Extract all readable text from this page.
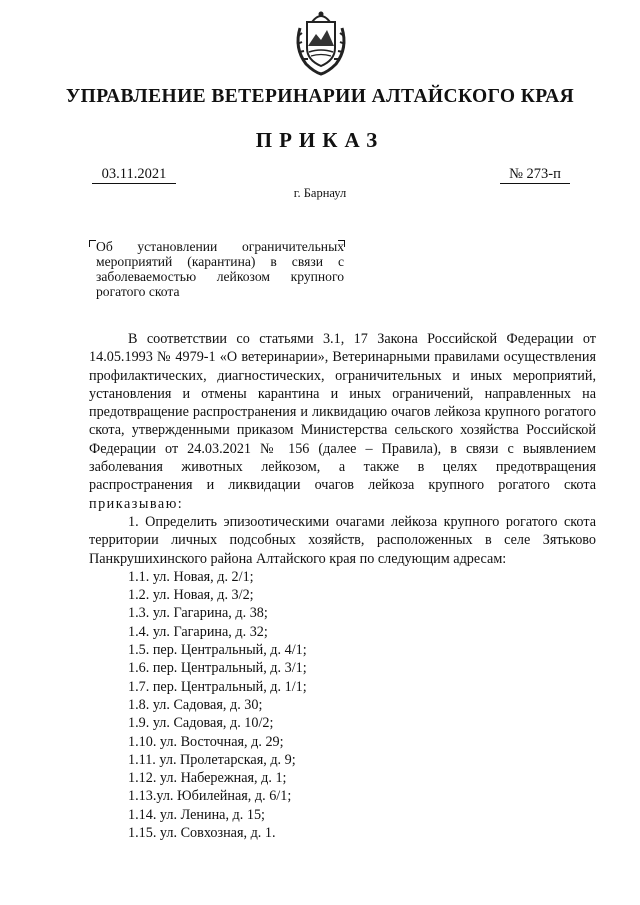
УПРАВЛЕНИЕ ВЕТЕРИНАРИИ АЛТАЙСКОГО КРАЯ
ПРИКАЗ
03.11.2021	№ 273-п
г. Барнаул
Об установлении ограничительных мероприятий (карантина) в связи с заболеваемостью лейкозом крупного рогатого скота

В соответствии со статьями 3.1, 17 Закона Российской Федерации от 14.05.1993 № 4979-1 «О ветеринарии», Ветеринарными правилами осуществления профилактических, диагностических, ограничительных и иных мероприятий, установления и отмены карантина и иных ограничений, направленных на предотвращение распространения и ликвидацию очагов лейкоза крупного рогатого скота, утвержденными приказом Министерства сельского хозяйства Российской Федерации от 24.03.2021 № 156 (далее – Правила), в связи с выявлением заболевания животных лейкозом, а также в целях предотвращения распространения и ликвидации очагов лейкоза крупного рогатого скота приказываю:

1. Определить эпизоотическими очагами лейкоза крупного рогатого скота территории личных подсобных хозяйств, расположенных в селе Зятьково Панкрушихинского района Алтайского края по следующим адресам:

1.1. ул. Новая, д. 2/1;
1.2. ул. Новая, д. 3/2;
1.3. ул. Гагарина, д. 38;
1.4. ул. Гагарина, д. 32;
1.5. пер. Центральный, д. 4/1;
1.6. пер. Центральный, д. 3/1;
1.7. пер. Центральный, д. 1/1;
1.8. ул. Садовая, д. 30;
1.9. ул. Садовая, д. 10/2;
1.10. ул. Восточная, д. 29;
1.11. ул. Пролетарская, д. 9;
1.12. ул. Набережная, д. 1;
1.13.ул. Юбилейная, д. 6/1;
1.14. ул. Ленина, д. 15;
1.15. ул. Совхозная, д. 1.
